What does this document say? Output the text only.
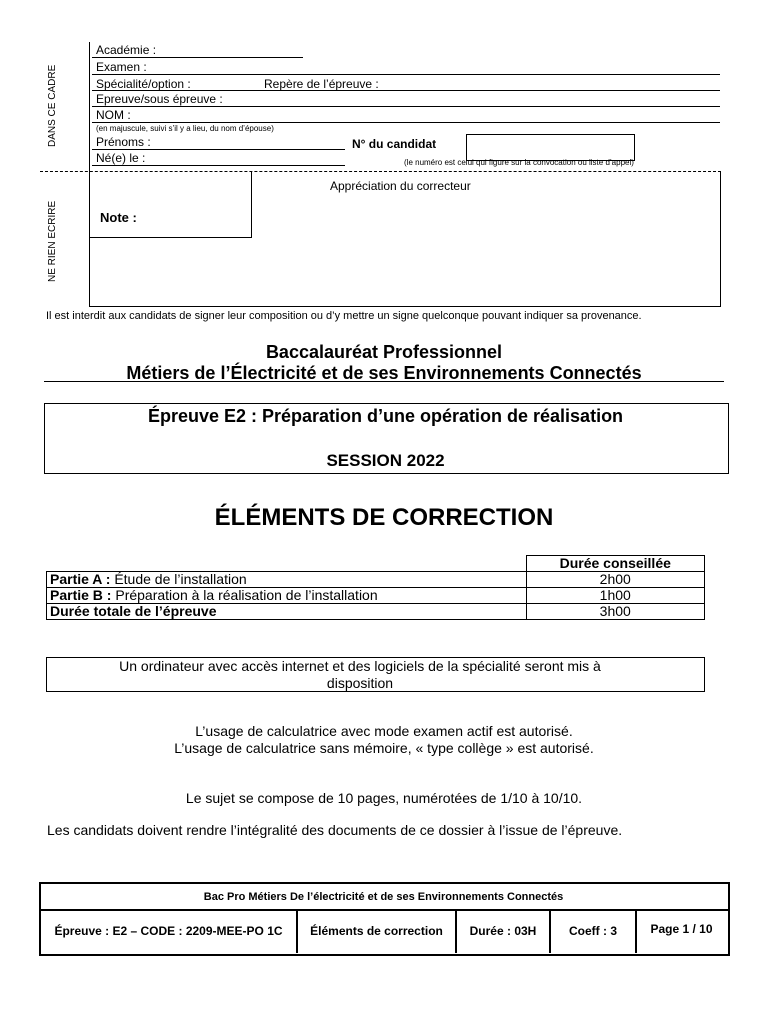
DANS CE CADRE
NE RIEN ECRIRE
Académie :
Examen :
Spécialité/option :	Repère de l’épreuve :
Epreuve/sous épreuve :
NOM :
(en majuscule, suivi s’il y a lieu, du nom d’épouse)
Prénoms :	N° du candidat
Né(e) le :	(le numéro est celui qui figure sur la convocation ou liste d’appel)
Note :
Appréciation du correcteur
Il est interdit aux candidats de signer leur composition ou d’y mettre un signe quelconque pouvant indiquer sa provenance.
Baccalauréat Professionnel
Métiers de l’Électricité et de ses Environnements Connectés
Épreuve E2 : Préparation d’une opération de réalisation
SESSION 2022
ÉLÉMENTS DE CORRECTION
	Durée conseillée
Partie A : Étude de l’installation	2h00
Partie B : Préparation à la réalisation de l’installation	1h00
Durée totale de l’épreuve	3h00
Un ordinateur avec accès internet et des logiciels de la spécialité seront mis à
disposition
L’usage de calculatrice avec mode examen actif est autorisé.
L’usage de calculatrice sans mémoire, « type collège » est autorisé.
Le sujet se compose de 10 pages, numérotées de 1/10 à 10/10.
Les candidats doivent rendre l’intégralité des documents de ce dossier à l’issue de l’épreuve.
Bac Pro Métiers De l’électricité et de ses Environnements Connectés
Épreuve : E2 – CODE : 2209-MEE-PO 1C	Éléments de correction	Durée : 03H	Coeff : 3	Page 1 / 10
